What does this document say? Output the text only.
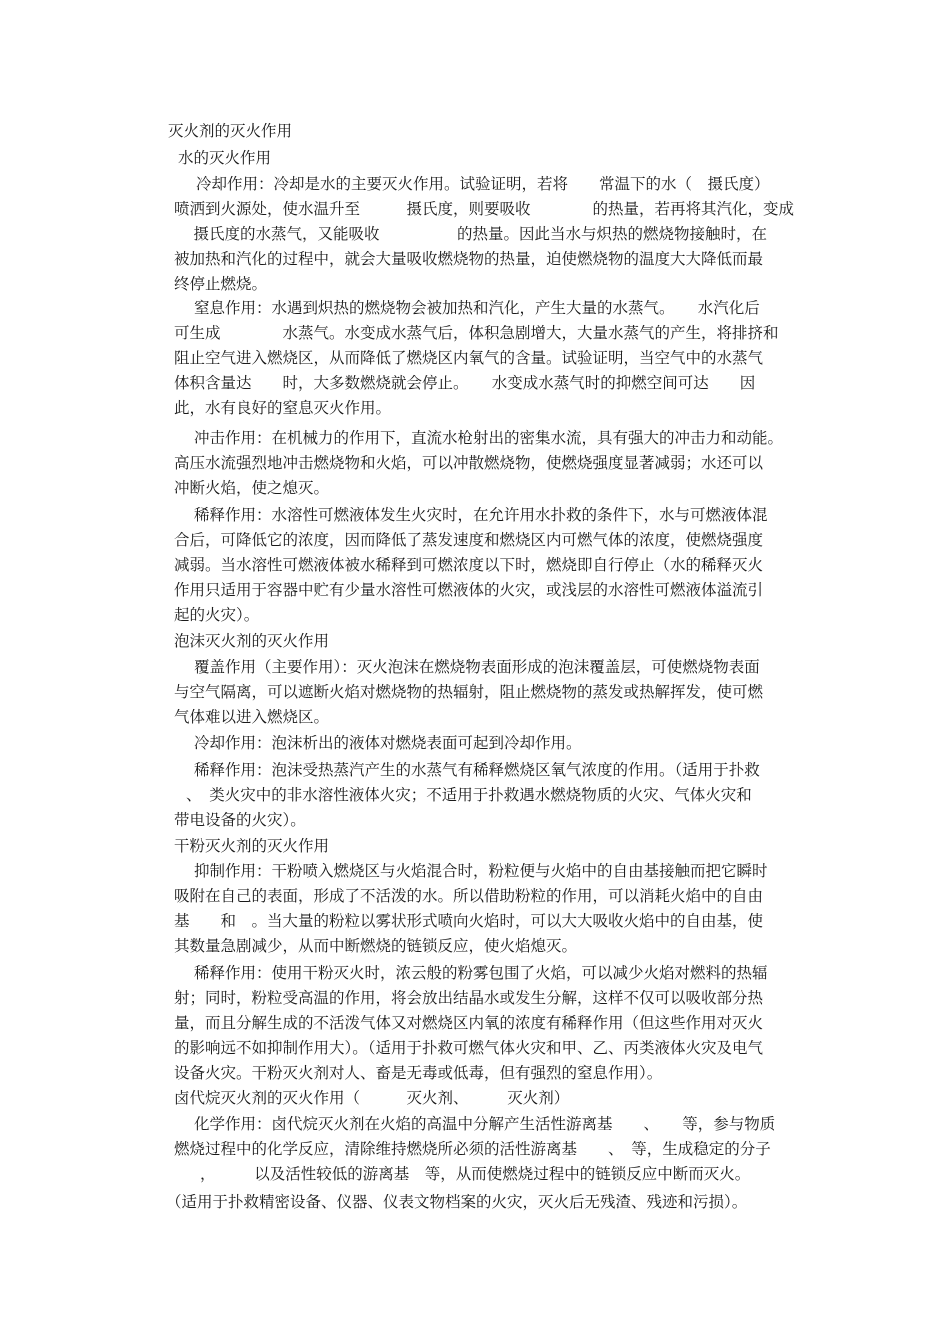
灭火剂的灭火作用

水的灭火作用

冷却作用：冷却是水的主要灭火作用。试验证明，若将　　常温下的水（　摄氏度）

喷洒到火源处，使水温升至　　　摄氏度，则要吸收　　　　的热量，若再将其汽化，变成

　摄氏度的水蒸气，又能吸收　　　　　的热量。因此当水与炽热的燃烧物接触时，在

被加热和汽化的过程中，就会大量吸收燃烧物的热量，迫使燃烧物的温度大大降低而最

终停止燃烧。

窒息作用：水遇到炽热的燃烧物会被加热和汽化，产生大量的水蒸气。　　水汽化后

可生成　　　　水蒸气。水变成水蒸气后，体积急剧增大，大量水蒸气的产生，将排挤和

阻止空气进入燃烧区，从而降低了燃烧区内氧气的含量。试验证明，当空气中的水蒸气

体积含量达　　时，大多数燃烧就会停止。　　水变成水蒸气时的抑燃空间可达　　因

此，水有良好的窒息灭火作用。

冲击作用：在机械力的作用下，直流水枪射出的密集水流，具有强大的冲击力和动能。

高压水流强烈地冲击燃烧物和火焰，可以冲散燃烧物，使燃烧强度显著减弱；水还可以

冲断火焰，使之熄灭。

稀释作用：水溶性可燃液体发生火灾时，在允许用水扑救的条件下，水与可燃液体混

合后，可降低它的浓度，因而降低了蒸发速度和燃烧区内可燃气体的浓度，使燃烧强度

减弱。当水溶性可燃液体被水稀释到可燃浓度以下时，燃烧即自行停止（水的稀释灭火

作用只适用于容器中贮有少量水溶性可燃液体的火灾，或浅层的水溶性可燃液体溢流引

起的火灾）。

泡沫灭火剂的灭火作用

覆盖作用（主要作用）：灭火泡沫在燃烧物表面形成的泡沫覆盖层，可使燃烧物表面

与空气隔离，可以遮断火焰对燃烧物的热辐射，阻止燃烧物的蒸发或热解挥发，使可燃

气体难以进入燃烧区。

冷却作用：泡沫析出的液体对燃烧表面可起到冷却作用。

稀释作用：泡沫受热蒸汽产生的水蒸气有稀释燃烧区氧气浓度的作用。（适用于扑救

、　类火灾中的非水溶性液体火灾；不适用于扑救遇水燃烧物质的火灾、气体火灾和

带电设备的火灾）。

干粉灭火剂的灭火作用

抑制作用：干粉喷入燃烧区与火焰混合时，粉粒便与火焰中的自由基接触而把它瞬时

吸附在自己的表面，形成了不活泼的水。所以借助粉粒的作用，可以消耗火焰中的自由

基　　和　。当大量的粉粒以雾状形式喷向火焰时，可以大大吸收火焰中的自由基，使

其数量急剧减少，从而中断燃烧的链锁反应，使火焰熄灭。

稀释作用：使用干粉灭火时，浓云般的粉雾包围了火焰，可以减少火焰对燃料的热辐

射；同时，粉粒受高温的作用，将会放出结晶水或发生分解，这样不仅可以吸收部分热

量，而且分解生成的不活泼气体又对燃烧区内氧的浓度有稀释作用（但这些作用对灭火

的影响远不如抑制作用大）。（适用于扑救可燃气体火灾和甲、乙、丙类液体火灾及电气

设备火灾。干粉灭火剂对人、畜是无毒或低毒，但有强烈的窒息作用）。

卤代烷灭火剂的灭火作用（　　　灭火剂、　　　灭火剂）

化学作用：卤代烷灭火剂在火焰的高温中分解产生活性游离基　　、　　等，参与物质

燃烧过程中的化学反应，清除维持燃烧所必须的活性游离基　　、　等，生成稳定的分子

，　　　以及活性较低的游离基　等，从而使燃烧过程中的链锁反应中断而灭火。

（适用于扑救精密设备、仪器、仪表文物档案的火灾，灭火后无残渣、残迹和污损）。
